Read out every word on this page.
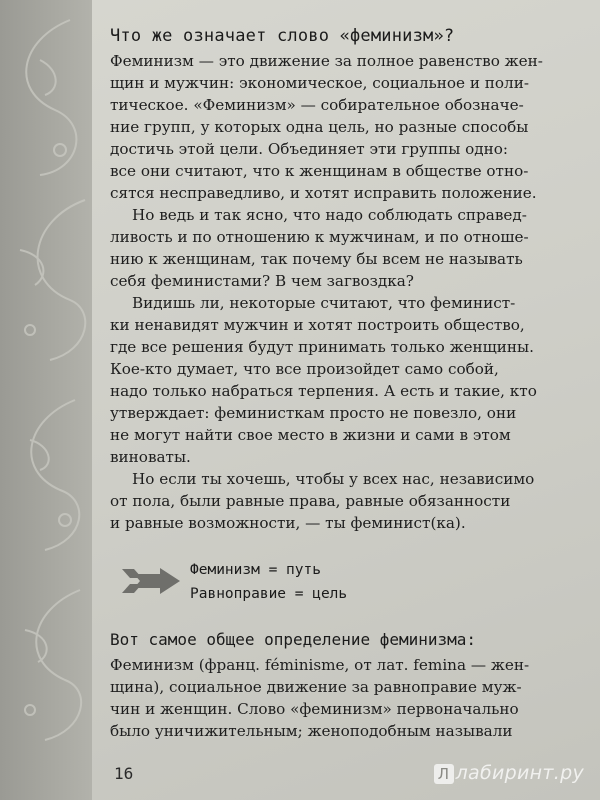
Что же означает слово «феминизм»?

Феминизм — это движение за полное равенство жен-
щин и мужчин: экономическое, социальное и поли-
тическое. «Феминизм» — собирательное обозначе-
ние групп, у которых одна цель, но разные способы
достичь этой цели. Объединяет эти группы одно:
все они считают, что к женщинам в обществе отно-
сятся несправедливо, и хотят исправить положение.

Но ведь и так ясно, что надо соблюдать справед-
ливость и по отношению к мужчинам, и по отноше-
нию к женщинам, так почему бы всем не называть
себя феминистами? В чем загвоздка?

Видишь ли, некоторые считают, что феминист-
ки ненавидят мужчин и хотят построить общество,
где все решения будут принимать только женщины.
Кое-кто думает, что все произойдет само собой,
надо только набраться терпения. А есть и такие, кто
утверждает: феминисткам просто не повезло, они
не могут найти свое место в жизни и сами в этом
виноваты.

Но если ты хочешь, чтобы у всех нас, независимо
от пола, были равные права, равные обязанности
и равные возможности, — ты феминист(ка).

Феминизм = путь
Равноправие = цель
Вот самое общее определение феминизма:

Феминизм (франц. féminisme, от лат. femina — жен-
щина), социальное движение за равноправие муж-
чин и женщин. Слово «феминизм» первоначально
было уничижительным; женоподобным называли

16	Л лабиринт.ру
